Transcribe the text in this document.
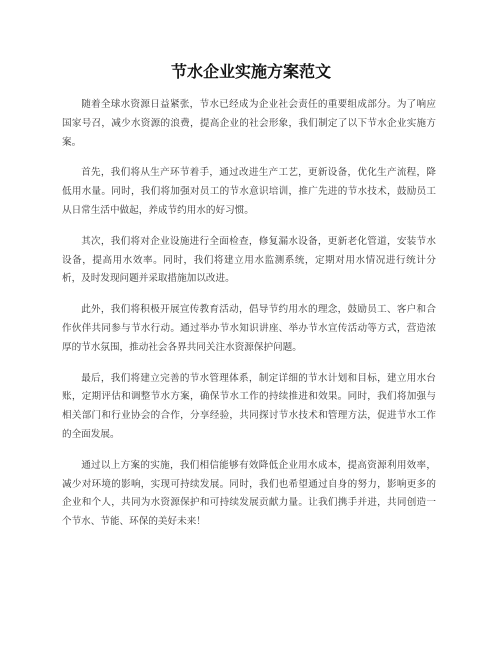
节水企业实施方案范文

随着全球水资源日益紧张，节水已经成为企业社会责任的重要组成部分。为了响应国家号召，减少水资源的浪费，提高企业的社会形象，我们制定了以下节水企业实施方案。

首先，我们将从生产环节着手，通过改进生产工艺，更新设备，优化生产流程，降低用水量。同时，我们将加强对员工的节水意识培训，推广先进的节水技术，鼓励员工从日常生活中做起，养成节约用水的好习惯。

其次，我们将对企业设施进行全面检查，修复漏水设备，更新老化管道，安装节水设备，提高用水效率。同时，我们将建立用水监测系统，定期对用水情况进行统计分析，及时发现问题并采取措施加以改进。

此外，我们将积极开展宣传教育活动，倡导节约用水的理念，鼓励员工、客户和合作伙伴共同参与节水行动。通过举办节水知识讲座、举办节水宣传活动等方式，营造浓厚的节水氛围，推动社会各界共同关注水资源保护问题。

最后，我们将建立完善的节水管理体系，制定详细的节水计划和目标，建立用水台账，定期评估和调整节水方案，确保节水工作的持续推进和效果。同时，我们将加强与相关部门和行业协会的合作，分享经验，共同探讨节水技术和管理方法，促进节水工作的全面发展。

通过以上方案的实施，我们相信能够有效降低企业用水成本，提高资源利用效率，减少对环境的影响，实现可持续发展。同时，我们也希望通过自身的努力，影响更多的企业和个人，共同为水资源保护和可持续发展贡献力量。让我们携手并进，共同创造一个节水、节能、环保的美好未来！
